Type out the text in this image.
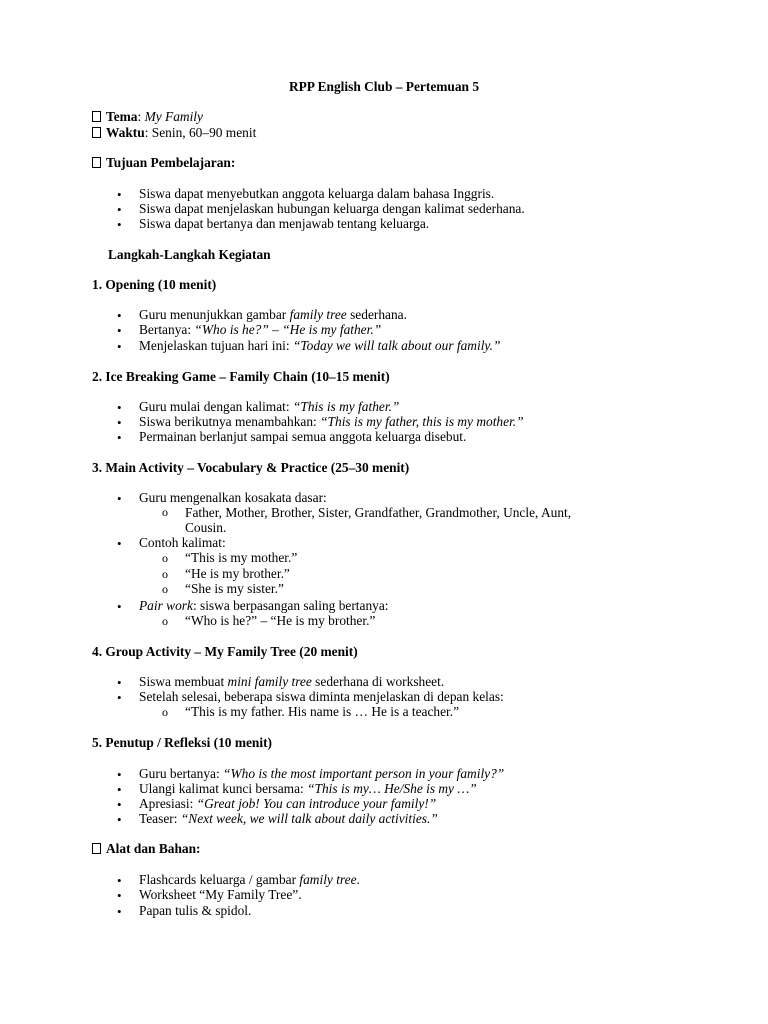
RPP English Club – Pertemuan 5
Tema: My Family
Waktu: Senin, 60–90 menit
Tujuan Pembelajaran:
•
Siswa dapat menyebutkan anggota keluarga dalam bahasa Inggris.
•
Siswa dapat menjelaskan hubungan keluarga dengan kalimat sederhana.
•
Siswa dapat bertanya dan menjawab tentang keluarga.
Langkah-Langkah Kegiatan
1. Opening (10 menit)
•
Guru menunjukkan gambar family tree sederhana.
•
Bertanya: “Who is he?” – “He is my father.”
•
Menjelaskan tujuan hari ini: “Today we will talk about our family.”
2. Ice Breaking Game – Family Chain (10–15 menit)
•
Guru mulai dengan kalimat: “This is my father.”
•
Siswa berikutnya menambahkan: “This is my father, this is my mother.”
•
Permainan berlanjut sampai semua anggota keluarga disebut.
3. Main Activity – Vocabulary & Practice (25–30 menit)
•
Guru mengenalkan kosakata dasar:
o Father, Mother, Brother, Sister, Grandfather, Grandmother, Uncle, Aunt,
Cousin.
•
Contoh kalimat:
o “This is my mother.”
o “He is my brother.”
o “She is my sister.”
•
Pair work: siswa berpasangan saling bertanya:
o “Who is he?” – “He is my brother.”
4. Group Activity – My Family Tree (20 menit)
•
Siswa membuat mini family tree sederhana di worksheet.
•
Setelah selesai, beberapa siswa diminta menjelaskan di depan kelas:
o “This is my father. His name is … He is a teacher.”
5. Penutup / Refleksi (10 menit)
•
Guru bertanya: “Who is the most important person in your family?”
•
Ulangi kalimat kunci bersama: “This is my… He/She is my …”
•
Apresiasi: “Great job! You can introduce your family!”
•
Teaser: “Next week, we will talk about daily activities.”
Alat dan Bahan:
•
Flashcards keluarga / gambar family tree.
•
Worksheet “My Family Tree”.
•
Papan tulis & spidol.
